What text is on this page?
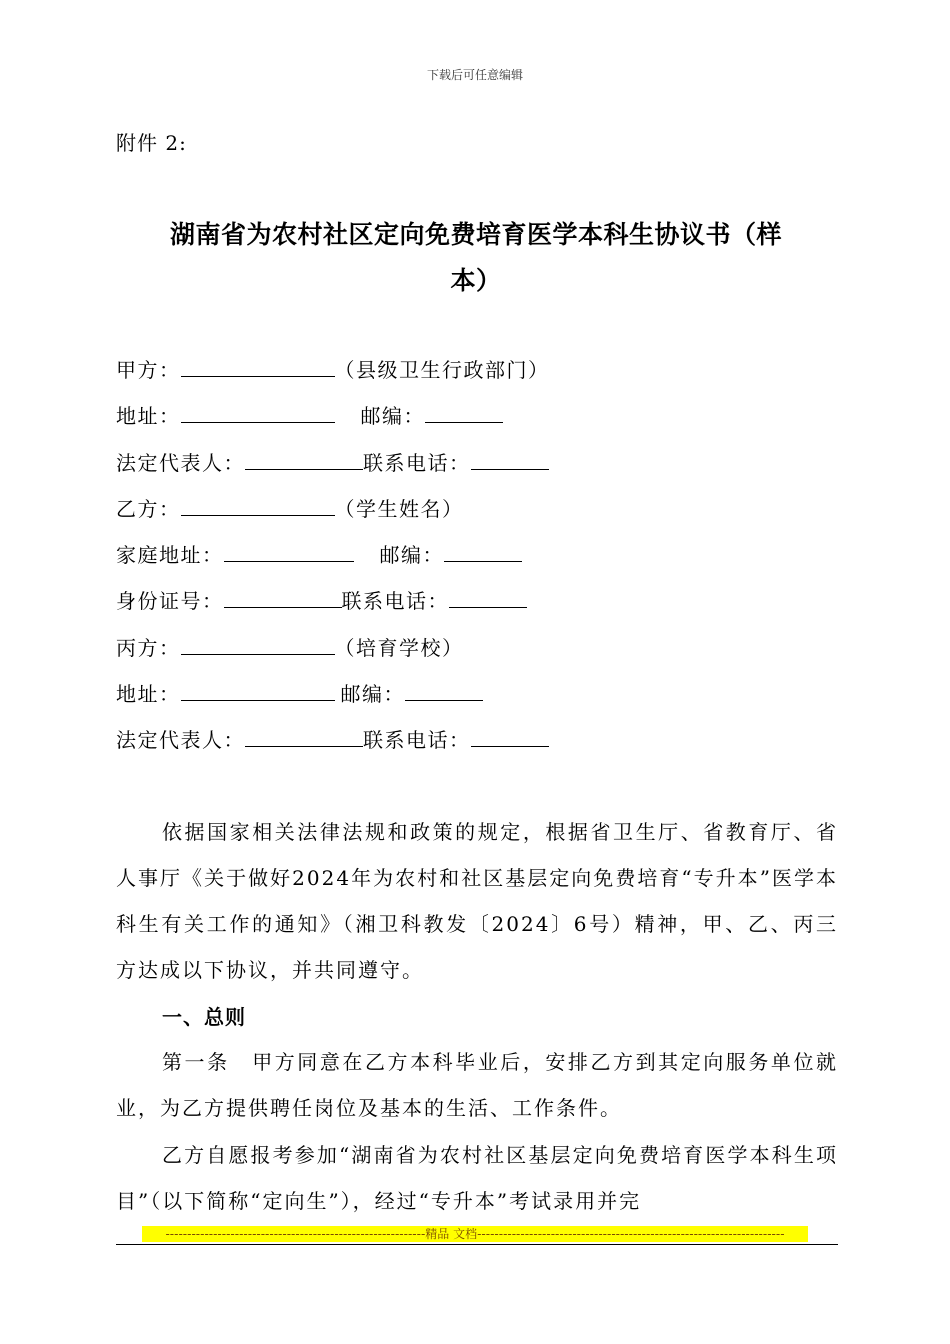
下载后可任意编辑
附件 2:
湖南省为农村社区定向免费培育医学本科生协议书（样
本）
甲方：	（县级卫生行政部门）
地址：	邮编：
法定代表人：	联系电话：
乙方：	（学生姓名）
家庭地址：	邮编：
身份证号：	联系电话：
丙方：	（培育学校）
地址：	邮编：
法定代表人：	联系电话：
依据国家相关法律法规和政策的规定，根据省卫生厅、省教育厅、省人事厅《关于做好2024年为农村和社区基层定向免费培育“专升本”医学本科生有关工作的通知》（湘卫科教发〔2024〕6号）精神，甲、乙、丙三方达成以下协议，并共同遵守。
一、总则
第一条　甲方同意在乙方本科毕业后，安排乙方到其定向服务单位就业，为乙方提供聘任岗位及基本的生活、工作条件。
乙方自愿报考参加“湖南省为农村社区基层定向免费培育医学本科生项目”（以下简称“定向生”），经过“专升本”考试录用并完
------------------------------------------------------------精品 文档-----------------------------------------------------------------------
